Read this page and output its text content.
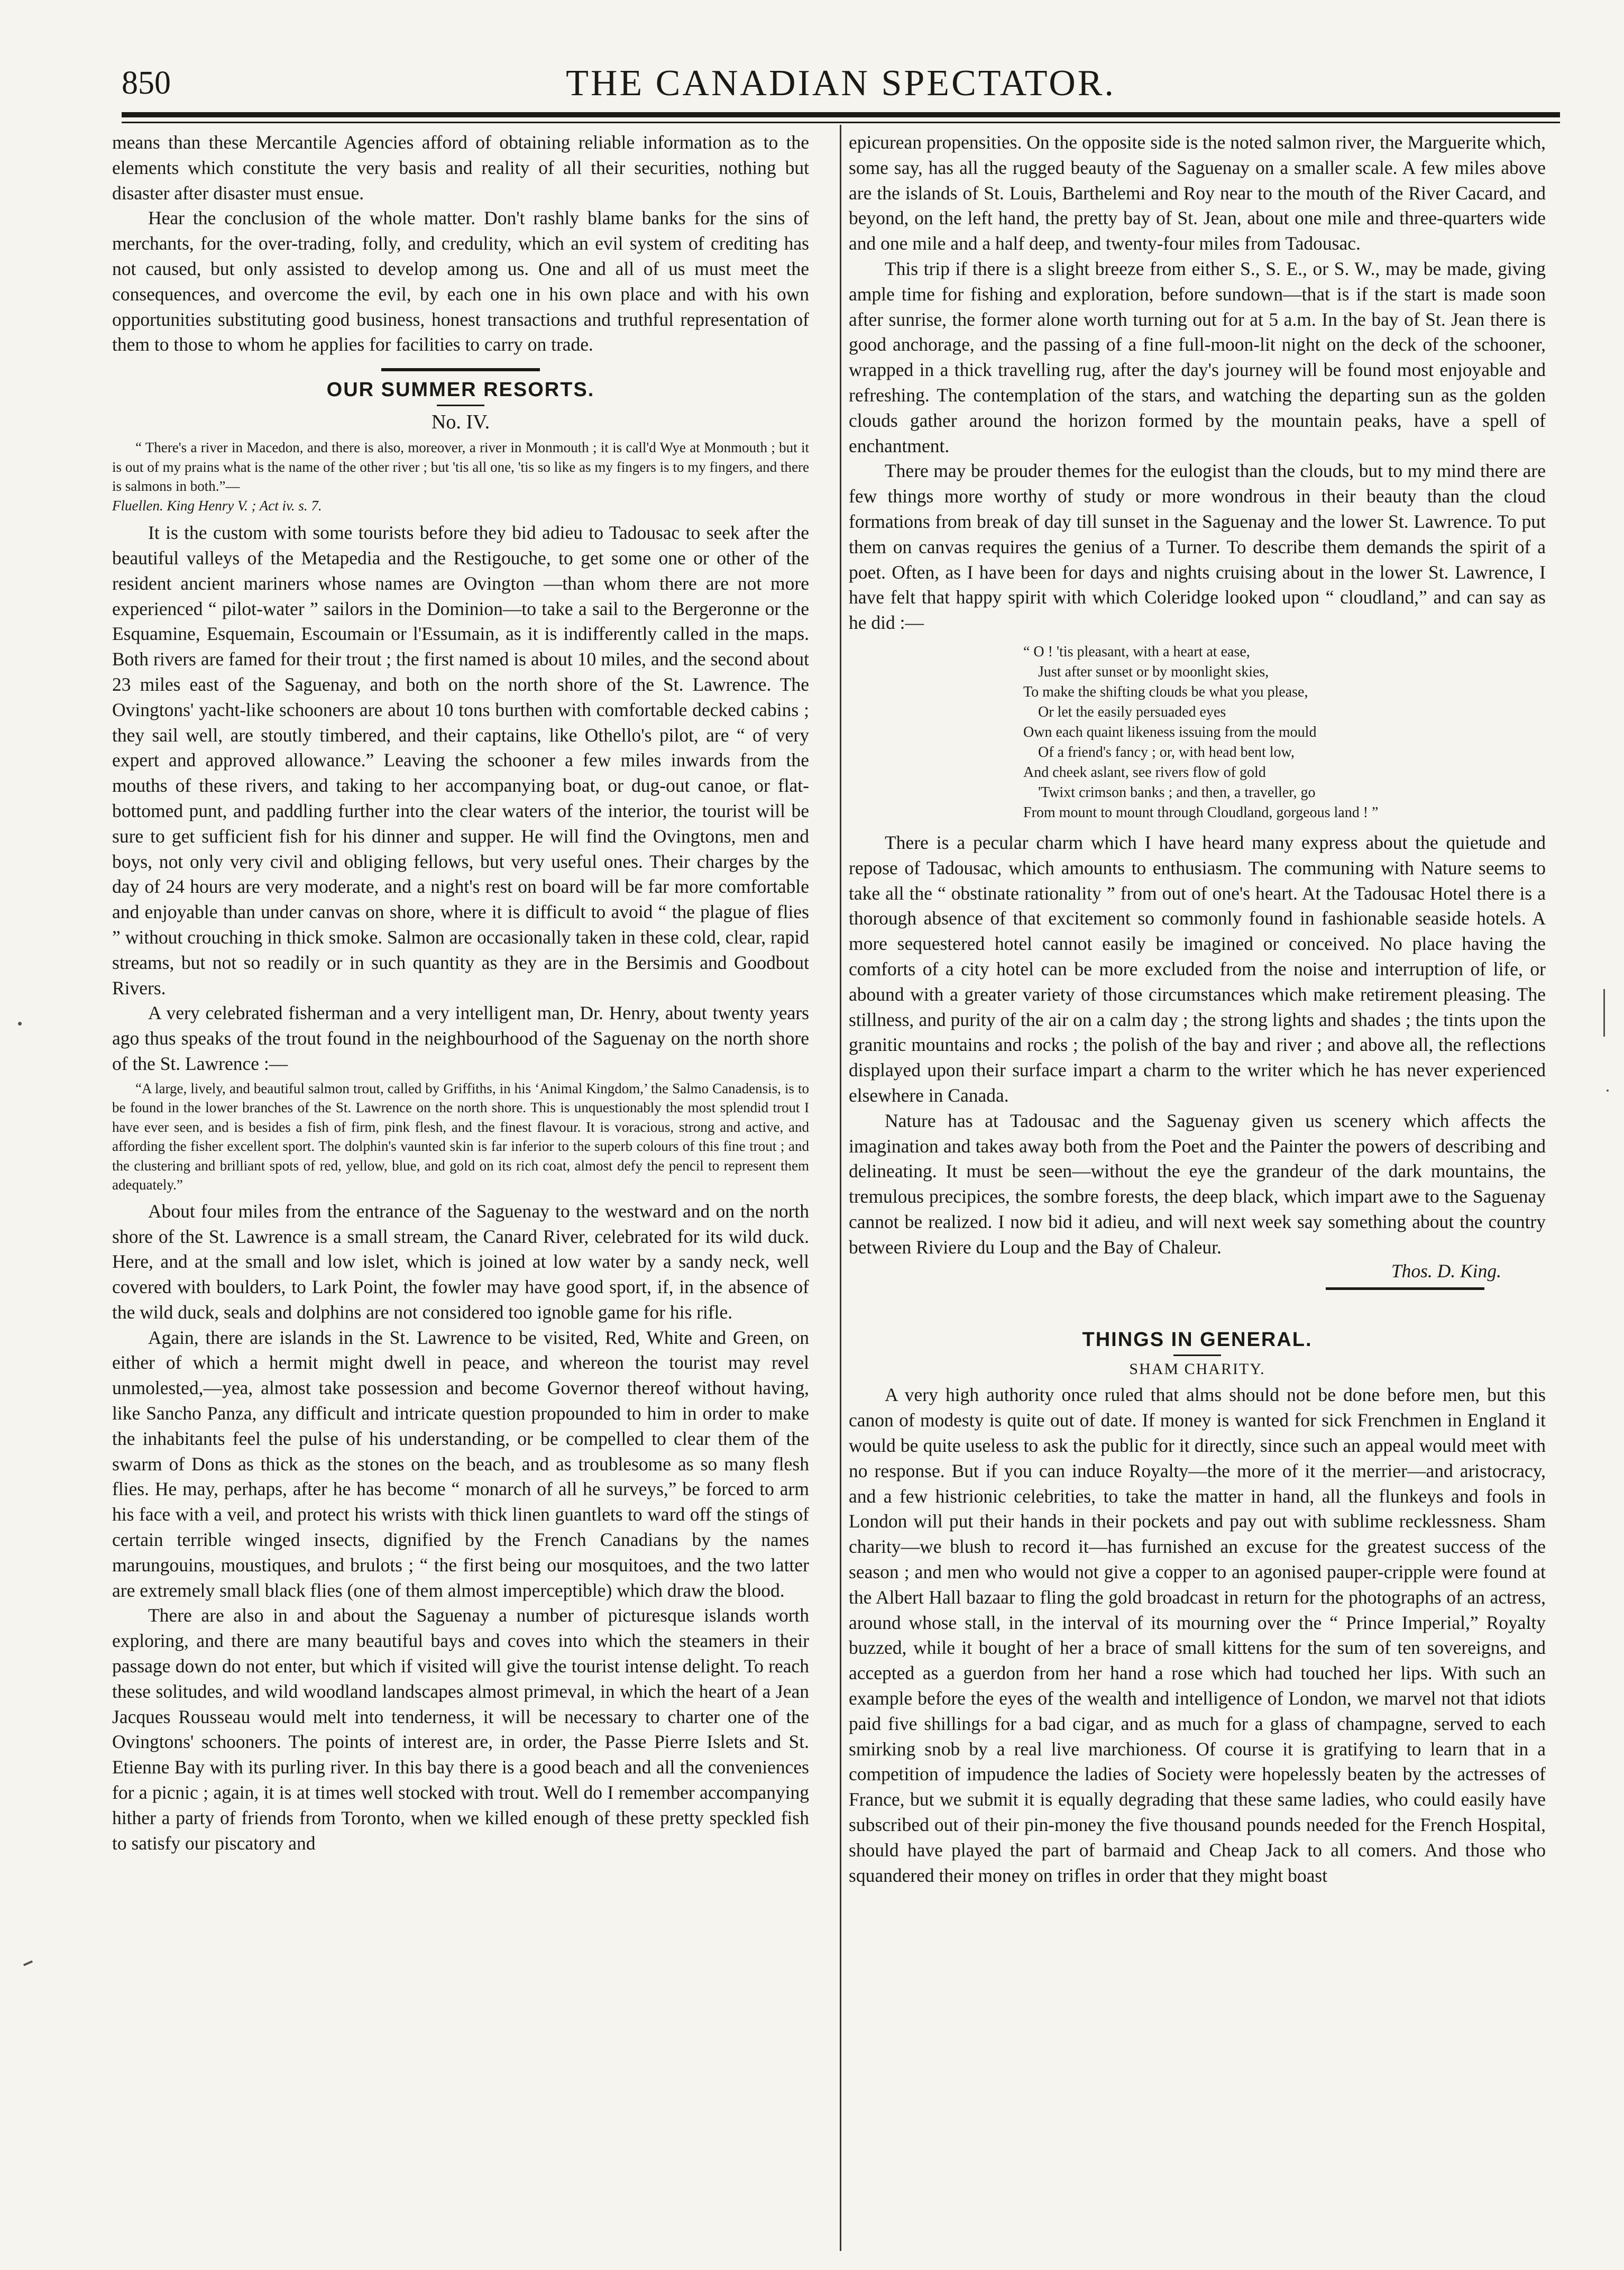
850	THE CANADIAN SPECTATOR.

means than these Mercantile Agencies afford of obtaining reliable information as to the elements which constitute the very basis and reality of all their securities, nothing but disaster after disaster must ensue.

Hear the conclusion of the whole matter. Don't rashly blame banks for the sins of merchants, for the over-trading, folly, and credulity, which an evil system of crediting has not caused, but only assisted to develop among us. One and all of us must meet the consequences, and overcome the evil, by each one in his own place and with his own opportunities substituting good business, honest transactions and truthful representation of them to those to whom he applies for facilities to carry on trade.

OUR SUMMER RESORTS.
No. IV.

“ There's a river in Macedon, and there is also, moreover, a river in Monmouth ; it is call'd Wye at Monmouth ; but it is out of my prains what is the name of the other river ; but 'tis all one, 'tis so like as my fingers is to my fingers, and there is salmons in both.”—

Fluellen. King Henry V. ; Act iv. s. 7.

It is the custom with some tourists before they bid adieu to Tadousac to seek after the beautiful valleys of the Metapedia and the Restigouche, to get some one or other of the resident ancient mariners whose names are Ovington —than whom there are not more experienced “ pilot-water ” sailors in the Dominion—to take a sail to the Bergeronne or the Esquamine, Esquemain, Escoumain or l'Essumain, as it is indifferently called in the maps. Both rivers are famed for their trout ; the first named is about 10 miles, and the second about 23 miles east of the Saguenay, and both on the north shore of the St. Lawrence. The Ovingtons' yacht-like schooners are about 10 tons burthen with comfortable decked cabins ; they sail well, are stoutly timbered, and their captains, like Othello's pilot, are “ of very expert and approved allowance.” Leaving the schooner a few miles inwards from the mouths of these rivers, and taking to her accompanying boat, or dug-out canoe, or flat-bottomed punt, and paddling further into the clear waters of the interior, the tourist will be sure to get sufficient fish for his dinner and supper. He will find the Ovingtons, men and boys, not only very civil and obliging fellows, but very useful ones. Their charges by the day of 24 hours are very moderate, and a night's rest on board will be far more comfortable and enjoyable than under canvas on shore, where it is difficult to avoid “ the plague of flies ” without crouching in thick smoke. Salmon are occasionally taken in these cold, clear, rapid streams, but not so readily or in such quantity as they are in the Bersimis and Goodbout Rivers.

A very celebrated fisherman and a very intelligent man, Dr. Henry, about twenty years ago thus speaks of the trout found in the neighbourhood of the Saguenay on the north shore of the St. Lawrence :—

“A large, lively, and beautiful salmon trout, called by Griffiths, in his ‘Animal Kingdom,’ the Salmo Canadensis, is to be found in the lower branches of the St. Lawrence on the north shore. This is unquestionably the most splendid trout I have ever seen, and is besides a fish of firm, pink flesh, and the finest flavour. It is voracious, strong and active, and affording the fisher excellent sport. The dolphin's vaunted skin is far inferior to the superb colours of this fine trout ; and the clustering and brilliant spots of red, yellow, blue, and gold on its rich coat, almost defy the pencil to represent them adequately.”

About four miles from the entrance of the Saguenay to the westward and on the north shore of the St. Lawrence is a small stream, the Canard River, celebrated for its wild duck. Here, and at the small and low islet, which is joined at low water by a sandy neck, well covered with boulders, to Lark Point, the fowler may have good sport, if, in the absence of the wild duck, seals and dolphins are not considered too ignoble game for his rifle.

Again, there are islands in the St. Lawrence to be visited, Red, White and Green, on either of which a hermit might dwell in peace, and whereon the tourist may revel unmolested,—yea, almost take possession and become Governor thereof without having, like Sancho Panza, any difficult and intricate question propounded to him in order to make the inhabitants feel the pulse of his understanding, or be compelled to clear them of the swarm of Dons as thick as the stones on the beach, and as troublesome as so many flesh flies. He may, perhaps, after he has become “ monarch of all he surveys,” be forced to arm his face with a veil, and protect his wrists with thick linen guantlets to ward off the stings of certain terrible winged insects, dignified by the French Canadians by the names marungouins, moustiques, and brulots ; “ the first being our mosquitoes, and the two latter are extremely small black flies (one of them almost imperceptible) which draw the blood.

There are also in and about the Saguenay a number of picturesque islands worth exploring, and there are many beautiful bays and coves into which the steamers in their passage down do not enter, but which if visited will give the tourist intense delight. To reach these solitudes, and wild woodland landscapes almost primeval, in which the heart of a Jean Jacques Rousseau would melt into tenderness, it will be necessary to charter one of the Ovingtons' schooners. The points of interest are, in order, the Passe Pierre Islets and St. Etienne Bay with its purling river. In this bay there is a good beach and all the conveniences for a picnic ; again, it is at times well stocked with trout. Well do I remember accompanying hither a party of friends from Toronto, when we killed enough of these pretty speckled fish to satisfy our piscatory and

epicurean propensities. On the opposite side is the noted salmon river, the Marguerite which, some say, has all the rugged beauty of the Saguenay on a smaller scale. A few miles above are the islands of St. Louis, Barthelemi and Roy near to the mouth of the River Cacard, and beyond, on the left hand, the pretty bay of St. Jean, about one mile and three-quarters wide and one mile and a half deep, and twenty-four miles from Tadousac.

This trip if there is a slight breeze from either S., S. E., or S. W., may be made, giving ample time for fishing and exploration, before sundown—that is if the start is made soon after sunrise, the former alone worth turning out for at 5 a.m. In the bay of St. Jean there is good anchorage, and the passing of a fine full-moon-lit night on the deck of the schooner, wrapped in a thick travelling rug, after the day's journey will be found most enjoyable and refreshing. The contemplation of the stars, and watching the departing sun as the golden clouds gather around the horizon formed by the mountain peaks, have a spell of enchantment.

There may be prouder themes for the eulogist than the clouds, but to my mind there are few things more worthy of study or more wondrous in their beauty than the cloud formations from break of day till sunset in the Saguenay and the lower St. Lawrence. To put them on canvas requires the genius of a Turner. To describe them demands the spirit of a poet. Often, as I have been for days and nights cruising about in the lower St. Lawrence, I have felt that happy spirit with which Coleridge looked upon “ cloudland,” and can say as he did :—

“ O ! 'tis pleasant, with a heart at ease,
Just after sunset or by moonlight skies,
To make the shifting clouds be what you please,
Or let the easily persuaded eyes
Own each quaint likeness issuing from the mould
Of a friend's fancy ; or, with head bent low,
And cheek aslant, see rivers flow of gold
'Twixt crimson banks ; and then, a traveller, go
From mount to mount through Cloudland, gorgeous land ! ”

There is a pecular charm which I have heard many express about the quietude and repose of Tadousac, which amounts to enthusiasm. The communing with Nature seems to take all the “ obstinate rationality ” from out of one's heart. At the Tadousac Hotel there is a thorough absence of that excitement so commonly found in fashionable seaside hotels. A more sequestered hotel cannot easily be imagined or conceived. No place having the comforts of a city hotel can be more excluded from the noise and interruption of life, or abound with a greater variety of those circumstances which make retirement pleasing. The stillness, and purity of the air on a calm day ; the strong lights and shades ; the tints upon the granitic mountains and rocks ; the polish of the bay and river ; and above all, the reflections displayed upon their surface impart a charm to the writer which he has never experienced elsewhere in Canada.

Nature has at Tadousac and the Saguenay given us scenery which affects the imagination and takes away both from the Poet and the Painter the powers of describing and delineating. It must be seen—without the eye the grandeur of the dark mountains, the tremulous precipices, the sombre forests, the deep black, which impart awe to the Saguenay cannot be realized. I now bid it adieu, and will next week say something about the country between Riviere du Loup and the Bay of Chaleur.

Thos. D. King.
THINGS IN GENERAL.
SHAM CHARITY.

A very high authority once ruled that alms should not be done before men, but this canon of modesty is quite out of date. If money is wanted for sick Frenchmen in England it would be quite useless to ask the public for it directly, since such an appeal would meet with no response. But if you can induce Royalty—the more of it the merrier—and aristocracy, and a few histrionic celebrities, to take the matter in hand, all the flunkeys and fools in London will put their hands in their pockets and pay out with sublime recklessness. Sham charity—we blush to record it—has furnished an excuse for the greatest success of the season ; and men who would not give a copper to an agonised pauper-cripple were found at the Albert Hall bazaar to fling the gold broadcast in return for the photographs of an actress, around whose stall, in the interval of its mourning over the “ Prince Imperial,” Royalty buzzed, while it bought of her a brace of small kittens for the sum of ten sovereigns, and accepted as a guerdon from her hand a rose which had touched her lips. With such an example before the eyes of the wealth and intelligence of London, we marvel not that idiots paid five shillings for a bad cigar, and as much for a glass of champagne, served to each smirking snob by a real live marchioness. Of course it is gratifying to learn that in a competition of impudence the ladies of Society were hopelessly beaten by the actresses of France, but we submit it is equally degrading that these same ladies, who could easily have subscribed out of their pin-money the five thousand pounds needed for the French Hospital, should have played the part of barmaid and Cheap Jack to all comers. And those who squandered their money on trifles in order that they might boast
